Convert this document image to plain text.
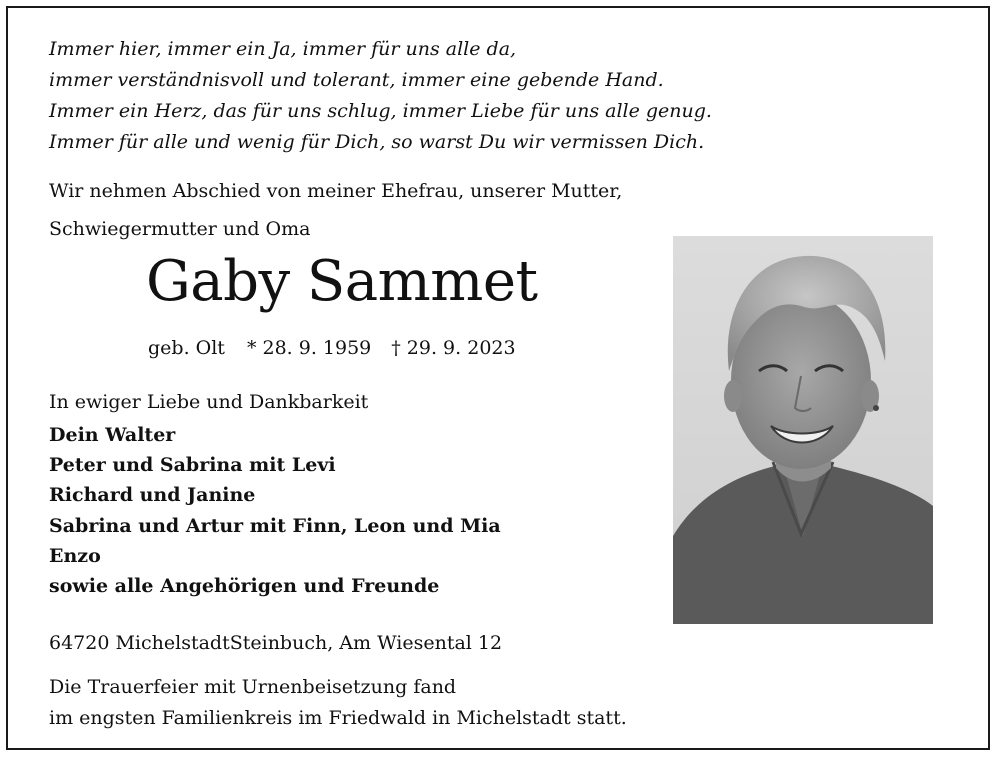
Immer hier, immer ein Ja, immer für uns alle da,
immer verständnisvoll und tolerant, immer eine gebende Hand.
Immer ein Herz, das für uns schlug, immer Liebe für uns alle genug.
Immer für alle und wenig für Dich, so warst Du wir vermissen Dich.
Wir nehmen Abschied von meiner Ehefrau, unserer Mutter,
Schwiegermutter und Oma
Gaby Sammet
geb. Olt * 28. 9. 1959 † 29. 9. 2023
In ewiger Liebe und Dankbarkeit
Dein Walter
Peter und Sabrina mit Levi
Richard und Janine
Sabrina und Artur mit Finn, Leon und Mia
Enzo
sowie alle Angehörigen und Freunde
64720 MichelstadtSteinbuch, Am Wiesental 12
Die Trauerfeier mit Urnenbeisetzung fand
im engsten Familienkreis im Friedwald in Michelstadt statt.
